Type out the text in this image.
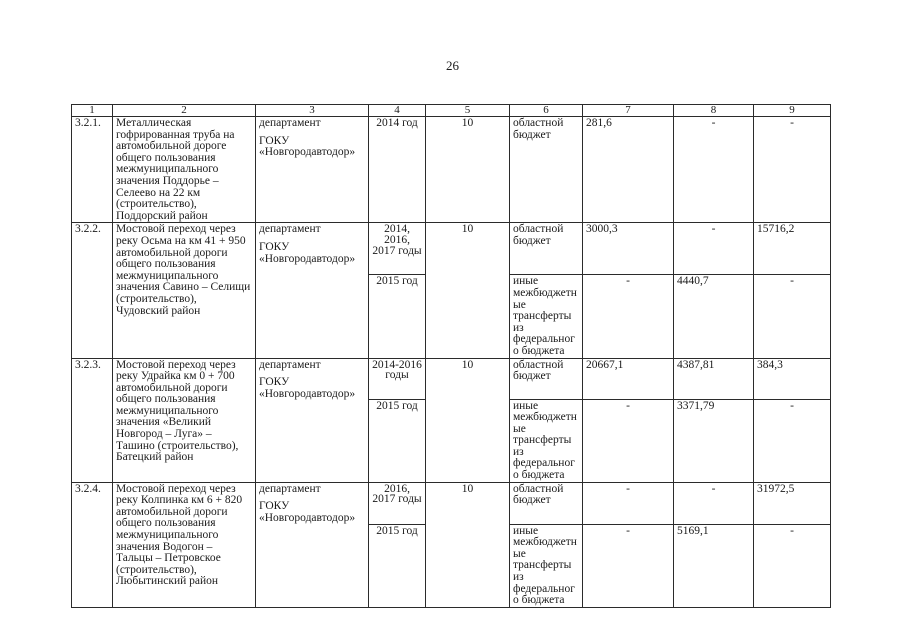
26
1	2	3	4	5	6	7	8	9
3.2.1.	Металлическая гофрированная труба на автомобильной дороге общего пользования межмуниципального значения Поддорье – Селеево на 22 км (строительство), Поддорский район	департамент
ГОКУ «Новгородавтодор»	2014 год	10	областной бюджет	281,6	-	-
3.2.2.	Мостовой переход через реку Осьма на км 41 + 950 автомобильной дороги общего пользования межмуниципального значения Савино – Селищи (строительство), Чудовский район	департамент
ГОКУ «Новгородавтодор»	2014, 2016, 2017 годы	10	областной бюджет	3000,3	-	15716,2
			2015 год		иные межбюджетные трансферты из федерального бюджета	-	4440,7	-
3.2.3.	Мостовой переход через реку Удрайка км 0 + 700 автомобильной дороги общего пользования межмуниципального значения «Великий Новгород – Луга» – Ташино (строительство), Батецкий район	департамент
ГОКУ «Новгородавтодор»	2014-2016 годы	10	областной бюджет	20667,1	4387,81	384,3
			2015 год		иные межбюджетные трансферты из федерального бюджета	-	3371,79	-
3.2.4.	Мостовой переход через реку Колпинка км 6 + 820 автомобильной дороги общего пользования межмуниципального значения Водогон – Тальцы – Петровское (строительство), Любытинский район	департамент
ГОКУ «Новгородавтодор»	2016, 2017 годы	10	областной бюджет	-	-	31972,5
			2015 год		иные межбюджетные трансферты из федерального бюджета	-	5169,1	-
